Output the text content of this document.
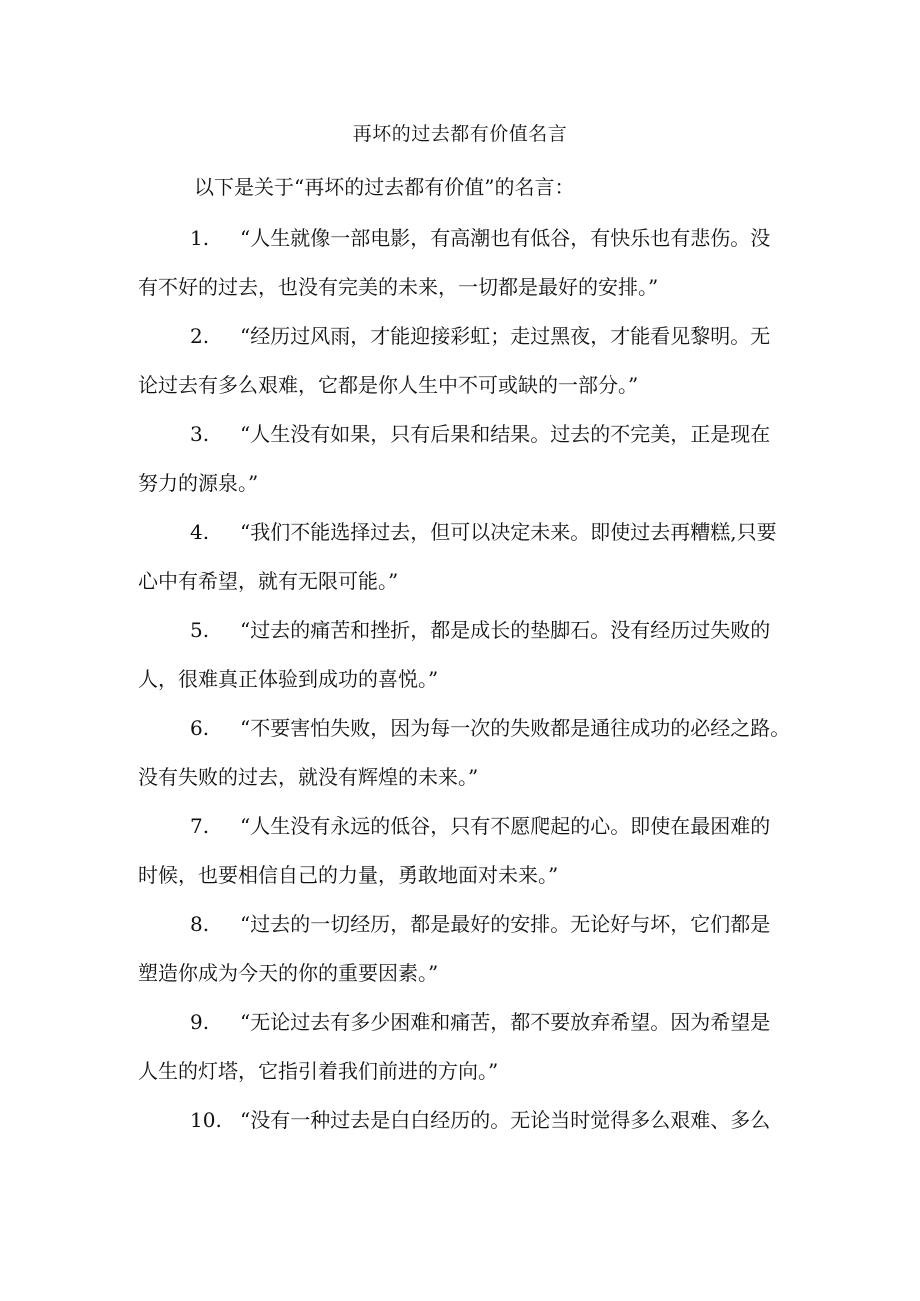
再坏的过去都有价值名言
以下是关于“再坏的过去都有价值”的名言：
1. “人生就像一部电影，有高潮也有低谷，有快乐也有悲伤。没
有不好的过去，也没有完美的未来，一切都是最好的安排。”
2. “经历过风雨，才能迎接彩虹；走过黑夜，才能看见黎明。无
论过去有多么艰难，它都是你人生中不可或缺的一部分。”
3. “人生没有如果，只有后果和结果。过去的不完美，正是现在
努力的源泉。”
4. “我们不能选择过去，但可以决定未来。即使过去再糟糕,只要
心中有希望，就有无限可能。”
5. “过去的痛苦和挫折，都是成长的垫脚石。没有经历过失败的
人，很难真正体验到成功的喜悦。”
6. “不要害怕失败，因为每一次的失败都是通往成功的必经之路。
没有失败的过去，就没有辉煌的未来。”
7. “人生没有永远的低谷，只有不愿爬起的心。即使在最困难的
时候，也要相信自己的力量，勇敢地面对未来。”
8. “过去的一切经历，都是最好的安排。无论好与坏，它们都是
塑造你成为今天的你的重要因素。”
9. “无论过去有多少困难和痛苦，都不要放弃希望。因为希望是
人生的灯塔，它指引着我们前进的方向。”
10. “没有一种过去是白白经历的。无论当时觉得多么艰难、多么
